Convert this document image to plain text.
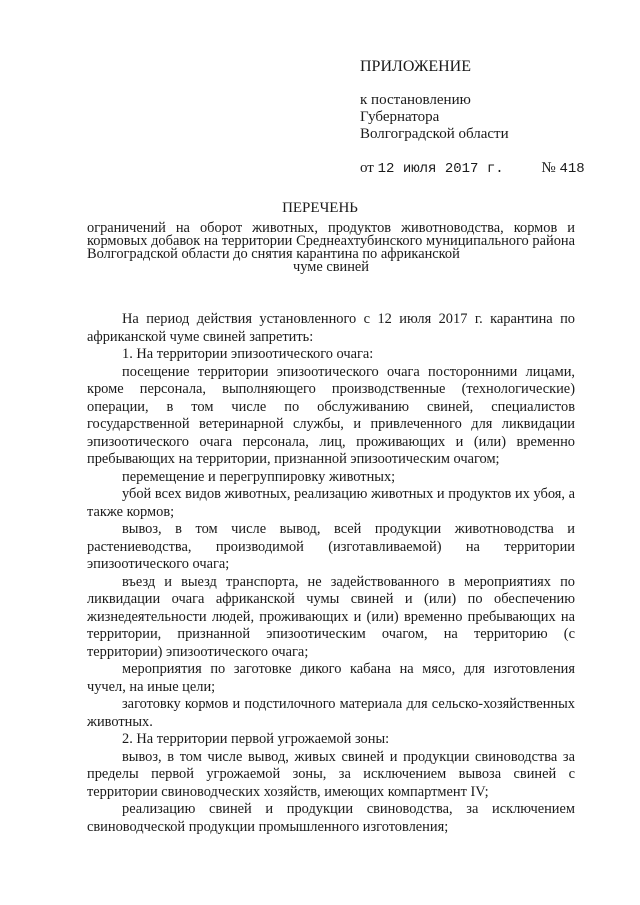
ПРИЛОЖЕНИЕ
к постановлению
Губернатора
Волгоградской области
от 12 июля 2017 г.	№ 418
ПЕРЕЧЕНЬ
ограничений на оборот животных, продуктов животноводства, кормов и кормовых добавок на территории Среднеахтубинского муниципального района Волгоградской области до снятия карантина по африканской
чуме свиней

На период действия установленного с 12 июля 2017 г. карантина по африканской чуме свиней запретить:

1. На территории эпизоотического очага:

посещение территории эпизоотического очага посторонними лицами, кроме персонала, выполняющего производственные (технологические) операции, в том числе по обслуживанию свиней, специалистов государственной ветеринарной службы, и привлеченного для ликвидации эпизоотического очага персонала, лиц, проживающих и (или) временно пребывающих на территории, признанной эпизоотическим очагом;

перемещение и перегруппировку животных;

убой всех видов животных, реализацию животных и продуктов их убоя, а также кормов;

вывоз, в том числе вывод, всей продукции животноводства и растениеводства, производимой (изготавливаемой) на территории эпизоотического очага;

въезд и выезд транспорта, не задействованного в мероприятиях по ликвидации очага африканской чумы свиней и (или) по обеспечению жизнедеятельности людей, проживающих и (или) временно пребывающих на территории, признанной эпизоотическим очагом, на территорию (с территории) эпизоотического очага;

мероприятия по заготовке дикого кабана на мясо, для изготовления чучел, на иные цели;

заготовку кормов и подстилочного материала для сельско-хозяйственных животных.

2. На территории первой угрожаемой зоны:

вывоз, в том числе вывод, живых свиней и продукции свиноводства за пределы первой угрожаемой зоны, за исключением вывоза свиней с территории свиноводческих хозяйств, имеющих компартмент IV;

реализацию свиней и продукции свиноводства, за исключением свиноводческой продукции промышленного изготовления;
